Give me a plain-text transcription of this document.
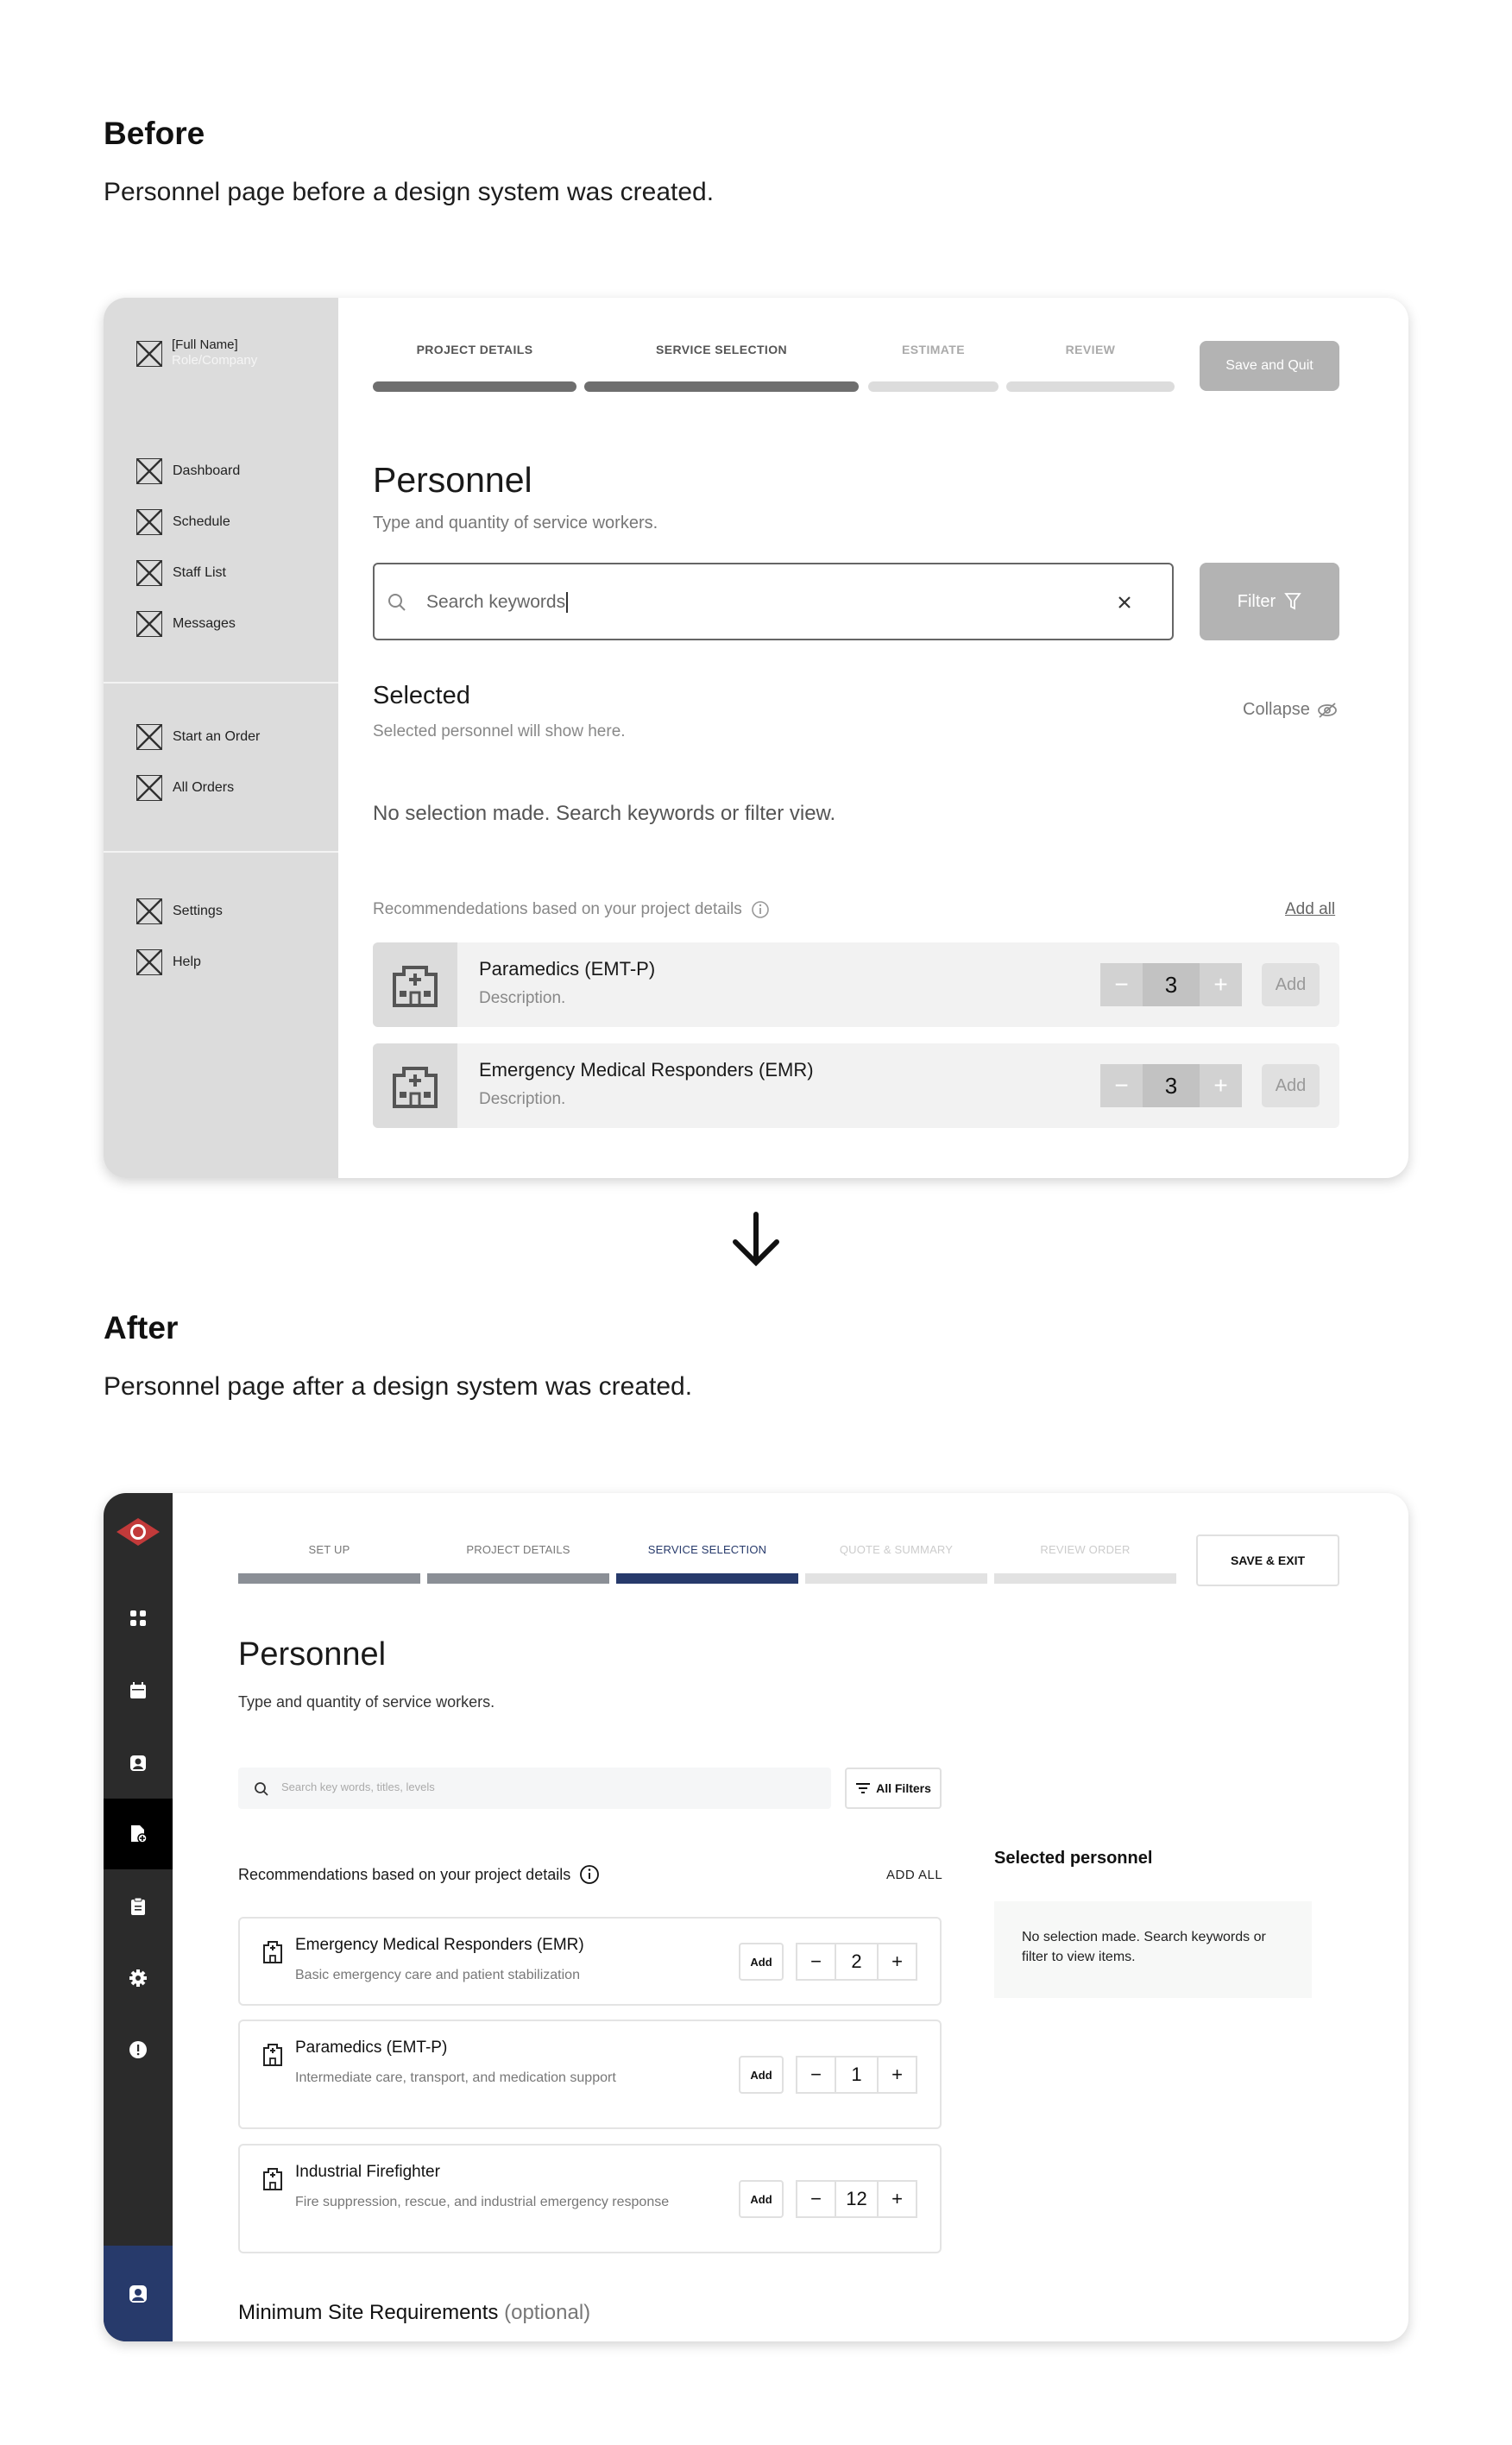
Before
Personnel page before a design system was created.
[Full Name]
Role/Company
Dashboard
Schedule
Staff List
Messages
Start an Order
All Orders
Settings
Help
PROJECT DETAILS	SERVICE SELECTION	ESTIMATE	REVIEW
Save and Quit
Personnel
Type and quantity of service workers.
Search keywords	Filter
Selected
Selected personnel will show here.
Collapse
No selection made. Search keywords or filter view.
Recommendedations based on your project details	Add all
Paramedics (EMT-P)
Description.
−	3	+	Add
Emergency Medical Responders (EMR)
Description.
−	3	+	Add
After
Personnel page after a design system was created.
SET UP	PROJECT DETAILS	SERVICE SELECTION	QUOTE & SUMMARY	REVIEW ORDER
SAVE & EXIT
Personnel
Type and quantity of service workers.
Search key words, titles, levels	All Filters
Recommendations based on your project details	ADD ALL
Emergency Medical Responders (EMR)
Basic emergency care and patient stabilization
Add	−	2	+
Paramedics (EMT-P)
Intermediate care, transport, and medication support	Add	−	1	+
Industrial Firefighter
Fire suppression, rescue, and industrial emergency response	Add	−	12	+
Minimum Site Requirements (optional)
Selected personnel
No selection made. Search keywords or filter to view items.
